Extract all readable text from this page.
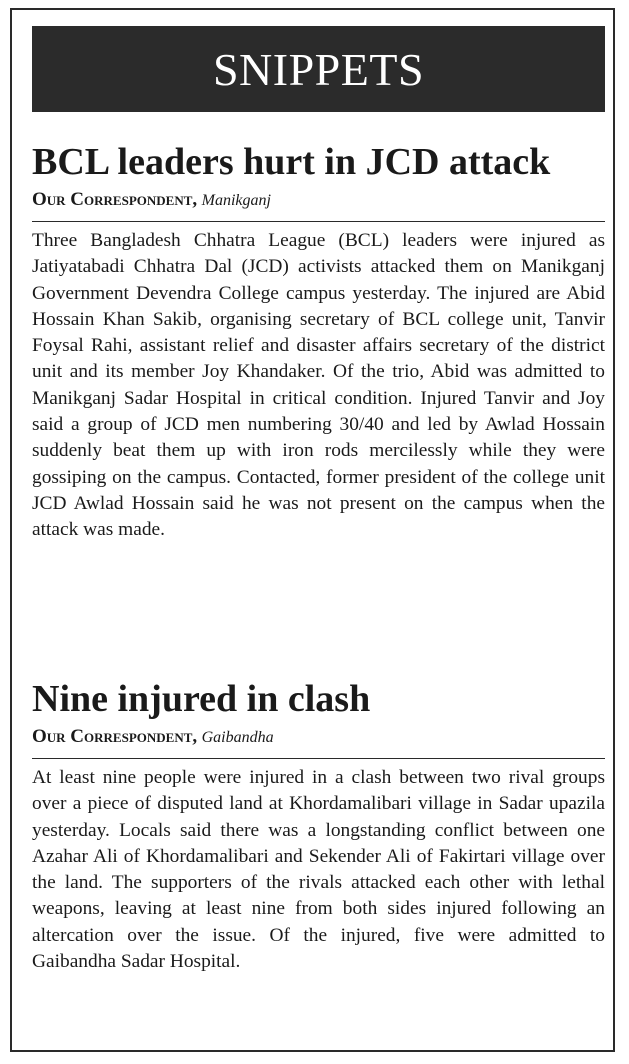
SNIPPETS
BCL leaders hurt in JCD attack

Our Correspondent, Manikganj

Three Bangladesh Chhatra League (BCL) leaders were injured as Jatiyatabadi Chhatra Dal (JCD) activists attacked them on Manikganj Government Devendra College campus yesterday. The injured are Abid Hossain Khan Sakib, organising secretary of BCL college unit, Tanvir Foysal Rahi, assistant relief and disaster affairs secretary of the district unit and its member Joy Khandaker. Of the trio, Abid was admitted to Manikganj Sadar Hospital in critical condition. Injured Tanvir and Joy said a group of JCD men numbering 30/40 and led by Awlad Hossain suddenly beat them up with iron rods mercilessly while they were gossiping on the campus. Contacted, former president of the college unit JCD Awlad Hossain said he was not present on the campus when the attack was made.

Nine injured in clash

Our Correspondent, Gaibandha

At least nine people were injured in a clash between two rival groups over a piece of disputed land at Khordamalibari village in Sadar upazila yesterday. Locals said there was a longstanding conflict between one Azahar Ali of Khordamalibari and Sekender Ali of Fakirtari village over the land. The supporters of the rivals attacked each other with lethal weapons, leaving at least nine from both sides injured following an altercation over the issue. Of the injured, five were admitted to Gaibandha Sadar Hospital.
